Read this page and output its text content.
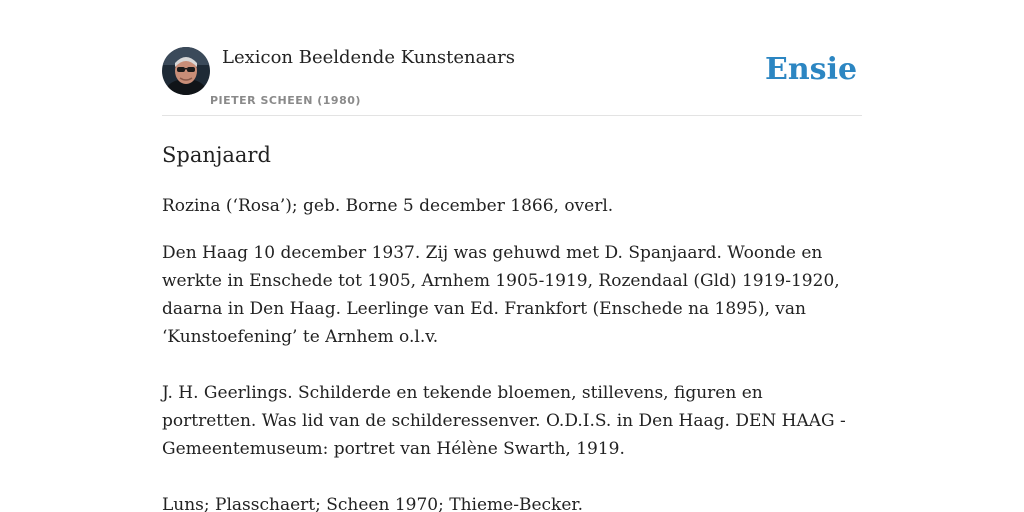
Lexicon Beeldende Kunstenaars
PIETER SCHEEN (1980)
Ensie
Spanjaard

Rozina (‘Rosa’); geb. Borne 5 december 1866, overl.

Den Haag 10 december 1937. Zij was gehuwd met D. Spanjaard. Woonde en werkte in Enschede tot 1905, Arnhem 1905-1919, Rozendaal (Gld) 1919-1920, daarna in Den Haag. Leerlinge van Ed. Frankfort (Enschede na 1895), van ‘Kunstoefening’ te Arnhem o.l.v.

J. H. Geerlings. Schilderde en tekende bloemen, stillevens, figuren en portretten. Was lid van de schilderessenver. O.D.I.S. in Den Haag. DEN HAAG - Gemeentemuseum: portret van Hélène Swarth, 1919.

Luns; Plasschaert; Scheen 1970; Thieme-Becker.
